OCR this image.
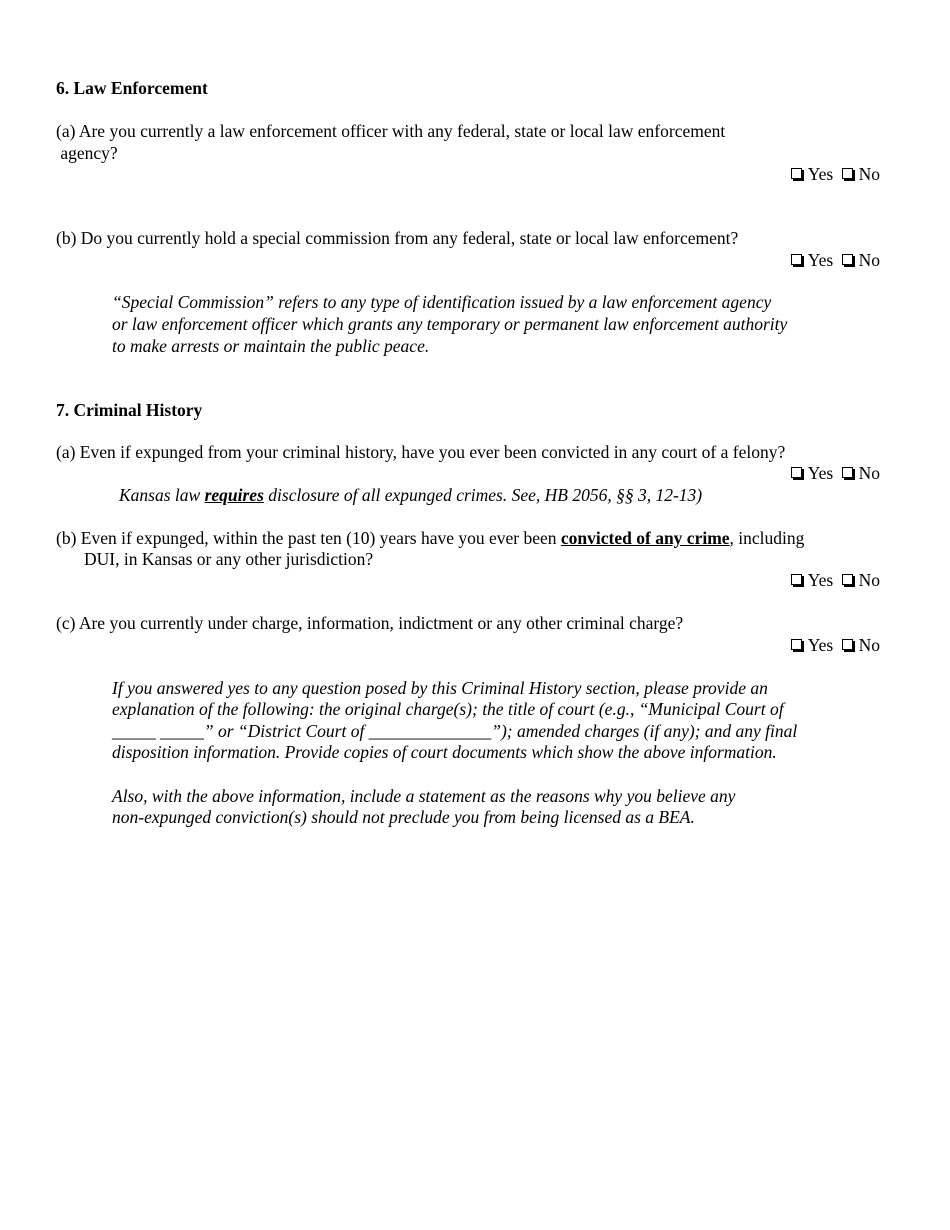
6. Law Enforcement
(a) Are you currently a law enforcement officer with any federal, state or local law enforcement
agency?
Yes No
(b) Do you currently hold a special commission from any federal, state or local law enforcement?
Yes No
“Special Commission” refers to any type of identification issued by a law enforcement agency
or law enforcement officer which grants any temporary or permanent law enforcement authority
to make arrests or maintain the public peace.
7. Criminal History
(a) Even if expunged from your criminal history, have you ever been convicted in any court of a felony?
Yes No
Kansas law requires disclosure of all expunged crimes. See, HB 2056, §§ 3, 12-13)
(b) Even if expunged, within the past ten (10) years have you ever been convicted of any crime, including
DUI, in Kansas or any other jurisdiction?
Yes No
(c) Are you currently under charge, information, indictment or any other criminal charge?
Yes No
If you answered yes to any question posed by this Criminal History section, please provide an
explanation of the following: the original charge(s); the title of court (e.g., “Municipal Court of
_____ _____” or “District Court of ______________”); amended charges (if any); and any final
disposition information. Provide copies of court documents which show the above information.
Also, with the above information, include a statement as the reasons why you believe any
non-expunged conviction(s) should not preclude you from being licensed as a BEA.
